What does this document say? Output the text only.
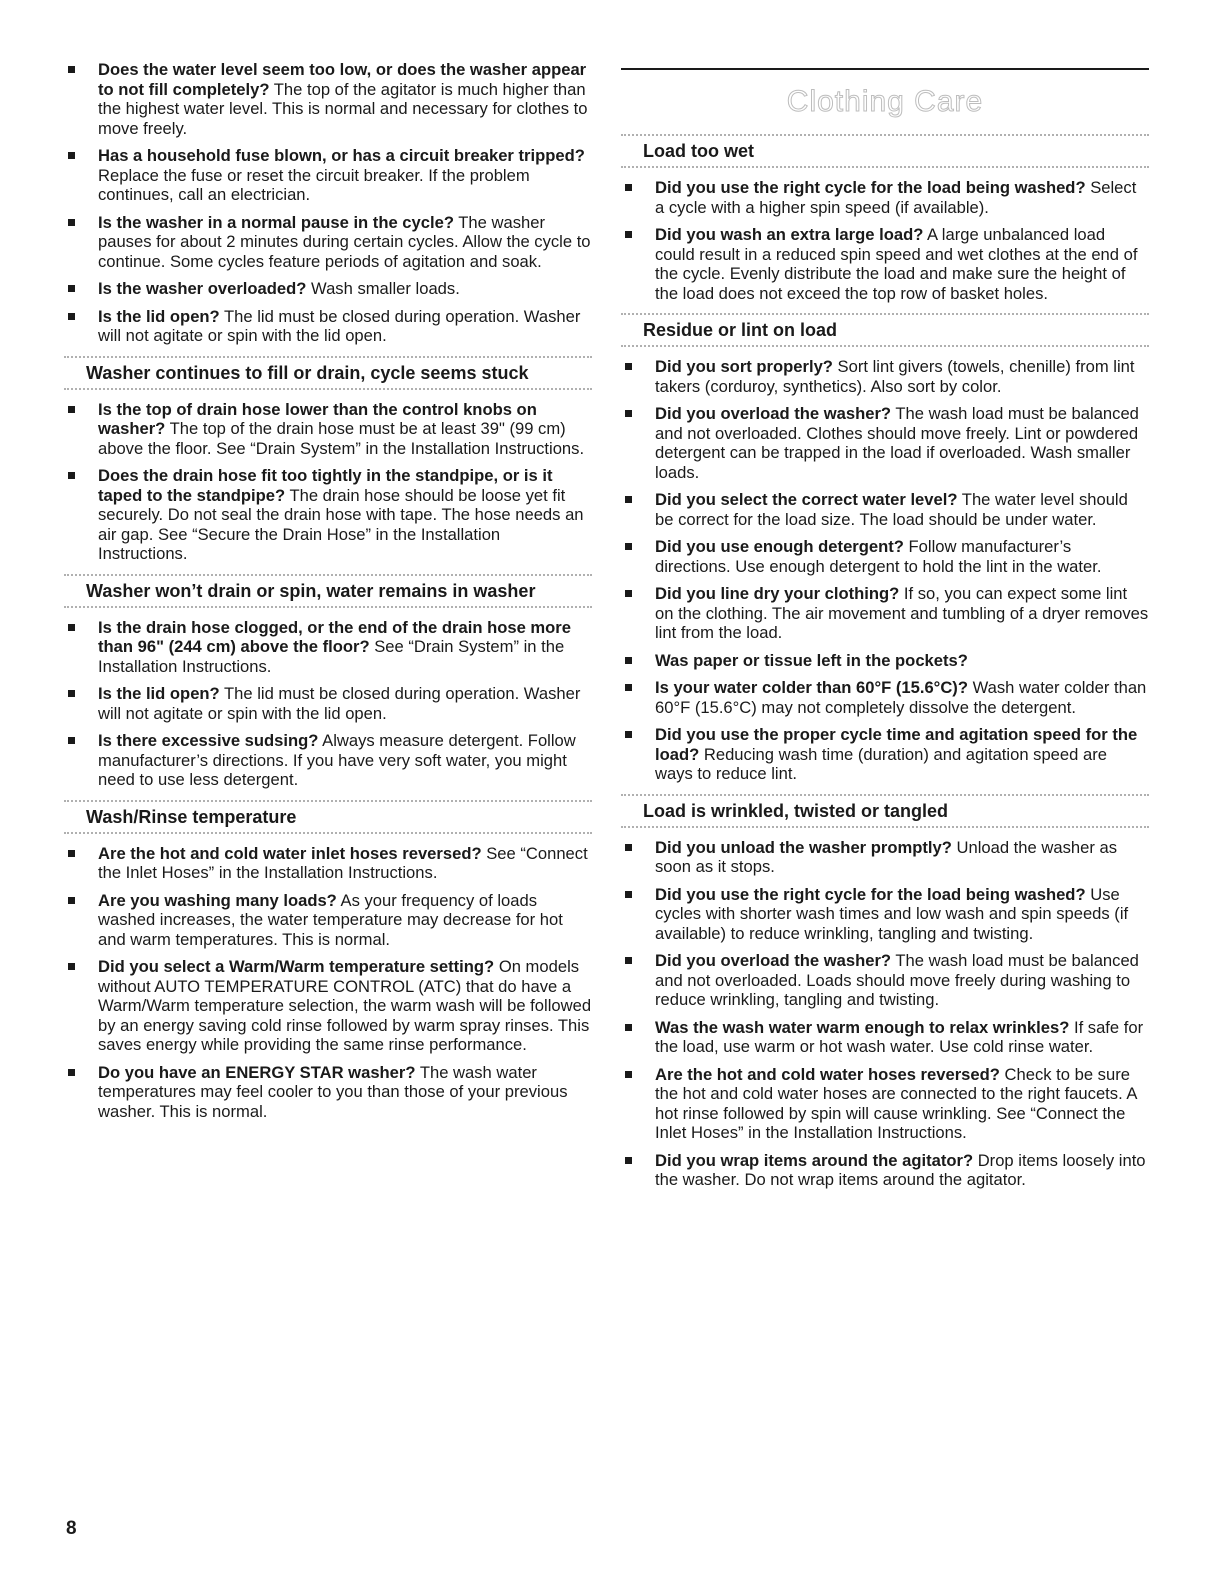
Does the water level seem too low, or does the washer appear to not fill completely? The top of the agitator is much higher than the highest water level. This is normal and necessary for clothes to move freely.
Has a household fuse blown, or has a circuit breaker tripped? Replace the fuse or reset the circuit breaker. If the problem continues, call an electrician.
Is the washer in a normal pause in the cycle? The washer pauses for about 2 minutes during certain cycles. Allow the cycle to continue. Some cycles feature periods of agitation and soak.
Is the washer overloaded? Wash smaller loads.
Is the lid open? The lid must be closed during operation. Washer will not agitate or spin with the lid open.
Washer continues to fill or drain, cycle seems stuck
Is the top of drain hose lower than the control knobs on washer? The top of the drain hose must be at least 39" (99 cm) above the floor. See “Drain System” in the Installation Instructions.
Does the drain hose fit too tightly in the standpipe, or is it taped to the standpipe? The drain hose should be loose yet fit securely. Do not seal the drain hose with tape. The hose needs an air gap. See “Secure the Drain Hose” in the Installation Instructions.
Washer won’t drain or spin, water remains in washer
Is the drain hose clogged, or the end of the drain hose more than 96" (244 cm) above the floor? See “Drain System” in the Installation Instructions.
Is the lid open? The lid must be closed during operation. Washer will not agitate or spin with the lid open.
Is there excessive sudsing? Always measure detergent. Follow manufacturer’s directions. If you have very soft water, you might need to use less detergent.
Wash/Rinse temperature
Are the hot and cold water inlet hoses reversed? See “Connect the Inlet Hoses” in the Installation Instructions.
Are you washing many loads? As your frequency of loads washed increases, the water temperature may decrease for hot and warm temperatures. This is normal.
Did you select a Warm/Warm temperature setting? On models without AUTO TEMPERATURE CONTROL (ATC) that do have a Warm/Warm temperature selection, the warm wash will be followed by an energy saving cold rinse followed by warm spray rinses. This saves energy while providing the same rinse performance.
Do you have an ENERGY STAR washer? The wash water temperatures may feel cooler to you than those of your previous washer. This is normal.
Clothing Care
Load too wet
Did you use the right cycle for the load being washed? Select a cycle with a higher spin speed (if available).
Did you wash an extra large load? A large unbalanced load could result in a reduced spin speed and wet clothes at the end of the cycle. Evenly distribute the load and make sure the height of the load does not exceed the top row of basket holes.
Residue or lint on load
Did you sort properly? Sort lint givers (towels, chenille) from lint takers (corduroy, synthetics). Also sort by color.
Did you overload the washer? The wash load must be balanced and not overloaded. Clothes should move freely. Lint or powdered detergent can be trapped in the load if overloaded. Wash smaller loads.
Did you select the correct water level? The water level should be correct for the load size. The load should be under water.
Did you use enough detergent? Follow manufacturer’s directions. Use enough detergent to hold the lint in the water.
Did you line dry your clothing? If so, you can expect some lint on the clothing. The air movement and tumbling of a dryer removes lint from the load.
Was paper or tissue left in the pockets?
Is your water colder than 60°F (15.6°C)? Wash water colder than 60°F (15.6°C) may not completely dissolve the detergent.
Did you use the proper cycle time and agitation speed for the load? Reducing wash time (duration) and agitation speed are ways to reduce lint.
Load is wrinkled, twisted or tangled
Did you unload the washer promptly? Unload the washer as soon as it stops.
Did you use the right cycle for the load being washed? Use cycles with shorter wash times and low wash and spin speeds (if available) to reduce wrinkling, tangling and twisting.
Did you overload the washer? The wash load must be balanced and not overloaded. Loads should move freely during washing to reduce wrinkling, tangling and twisting.
Was the wash water warm enough to relax wrinkles? If safe for the load, use warm or hot wash water. Use cold rinse water.
Are the hot and cold water hoses reversed? Check to be sure the hot and cold water hoses are connected to the right faucets. A hot rinse followed by spin will cause wrinkling. See “Connect the Inlet Hoses” in the Installation Instructions.
Did you wrap items around the agitator? Drop items loosely into the washer. Do not wrap items around the agitator.
8
